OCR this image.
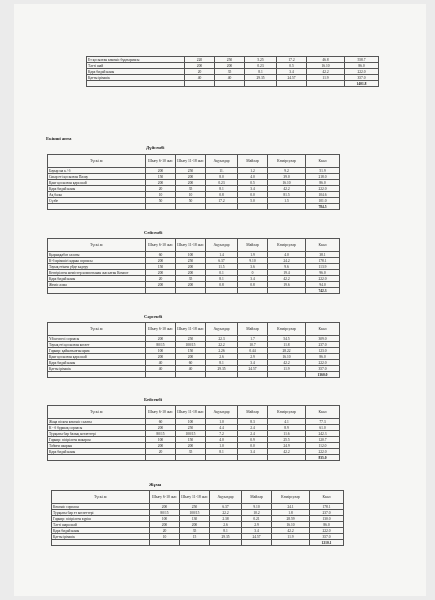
Ет қосылған көкөніс бұқтырмасы	220	250	5.25	17.2	46.8	558.7
Тәтті шай	200	200	0.23	0.5	16.10	86.0
Қара бидай наны	20	35	8.1	3.4	42.2	222.0
Қатты ірімшік	40	40	29.35	24.57	11.9	357.0
						1401.8
Екінші апта
Дүйсенбі
Түскі ас	Шығу 6-10 жас	Шығу 11-18 жас	Ақуыздар	Майлар	Көмірсулар	Ккал
Бауыр ма к / б	200	250	11.	1.2	9.2	51.9
Сиыр еті қосылған Палау	150	200	8.0	4.0	39.0	218.0
Қант қосылған қара шай	200	200	0.23	0.5	16.10	86.0
Қара бидай наны	20	35	8.1	3.4	42.2	222.0
Ақ балы	10	10	0.8	0.0	81.5	104.6
Сүзбе	50	50	17.2	5.0	1.5	101.0
						784.5
Сейсенбі
Түскі ас	Шығу 6-10 жас	Шығу 11-18 жас	Ақуыздар	Майлар	Көмірсулар	Ккал
Қырыққабат салаты	60	100	1.4	1.9	4.0	38.1
К-б ирімшігі қарны сорпасы	200	250	6.37	9.10	24.2	178.1
Тауық етінен үйде кәдеру	150	200	11.5	3.6	9.6	113.9
Кептірілген жемістер компотынан жасалған Компот	200	200	0.1	0	19.4	96.0
Қара бидай наны	20	35	8.1	3.4	42.2	222.0
Жеміс алма	200	200	0.8	0.8	19.6	94.0
						742.3
Сәрсенбі
Түскі ас	Шығу 6-10 жас	Шығу 11-18 жас	Ақуыздар	Майлар	Көмірсулар	Ккал
Үй кеспесі сорпасы	200	250	22.3	1.7	54.5	309.0
Тауық еті қосылған котлет	80/15	100/15	22.2	10.7	11.8	237.0
Гарнир: қайнатылған ярма	100	150	2.26	0.44	28.22	123.0
Қант қосылған қара шай	200	200	2.6	2.9	16.10	86.0
Қара бидай наны	40	60	8.1	3.4	42.2	222.0
Қатты ірімшік	40	40	29.35	24.57	11.9	357.0
						1360.0
Бейсенбі
Түскі ас	Шығу 6-10 жас	Шығу 11-18 жас	Ақуыздар	Майлар	Көмірсулар	Ккал
Жаңа піскен көкөніс салаты	60	100	1.0	8.3	4.1	77.3
К - б бұршақ сорпасы	200	250	4.4	2.4	8.9	61.0
Туұқыты бар балық котлеттері	80/15	100/15	7.2	2.4	11.6	242.3
Гарнир: пісірілген макарон	100	150	4.0	0.9	25.5	120.7
Табиғи шырын	200	200	1.0	0.0	24.9	112.0
Қара бидай наны	20	35	8.1	3.4	42.2	222.0
						835.0
Жұма
Түскі ас	Шығу 6-10 жас	Шығу 11-18 жас	Ақуыздар	Майлар	Көмірсулар	Ккал
Көкөніс сорпасы	200	250	6.37	9.10	24.1	178.1
Туұқыты бар ет котлеттері	80/15	100/15	22.2	10.2	1.8	237.0
Гарнир: пісірілген күріш	100	130	2.38	0.21	28.59	130.0
Тәтті шара шай	200	200	2.6	2.9	16.10	86.0
Қара бидай наны	20	35	8.1	3.4	42.2	222.0
Қатты ірімшік	10	15	29.35	24.57	11.9	357.0
						1210.1
